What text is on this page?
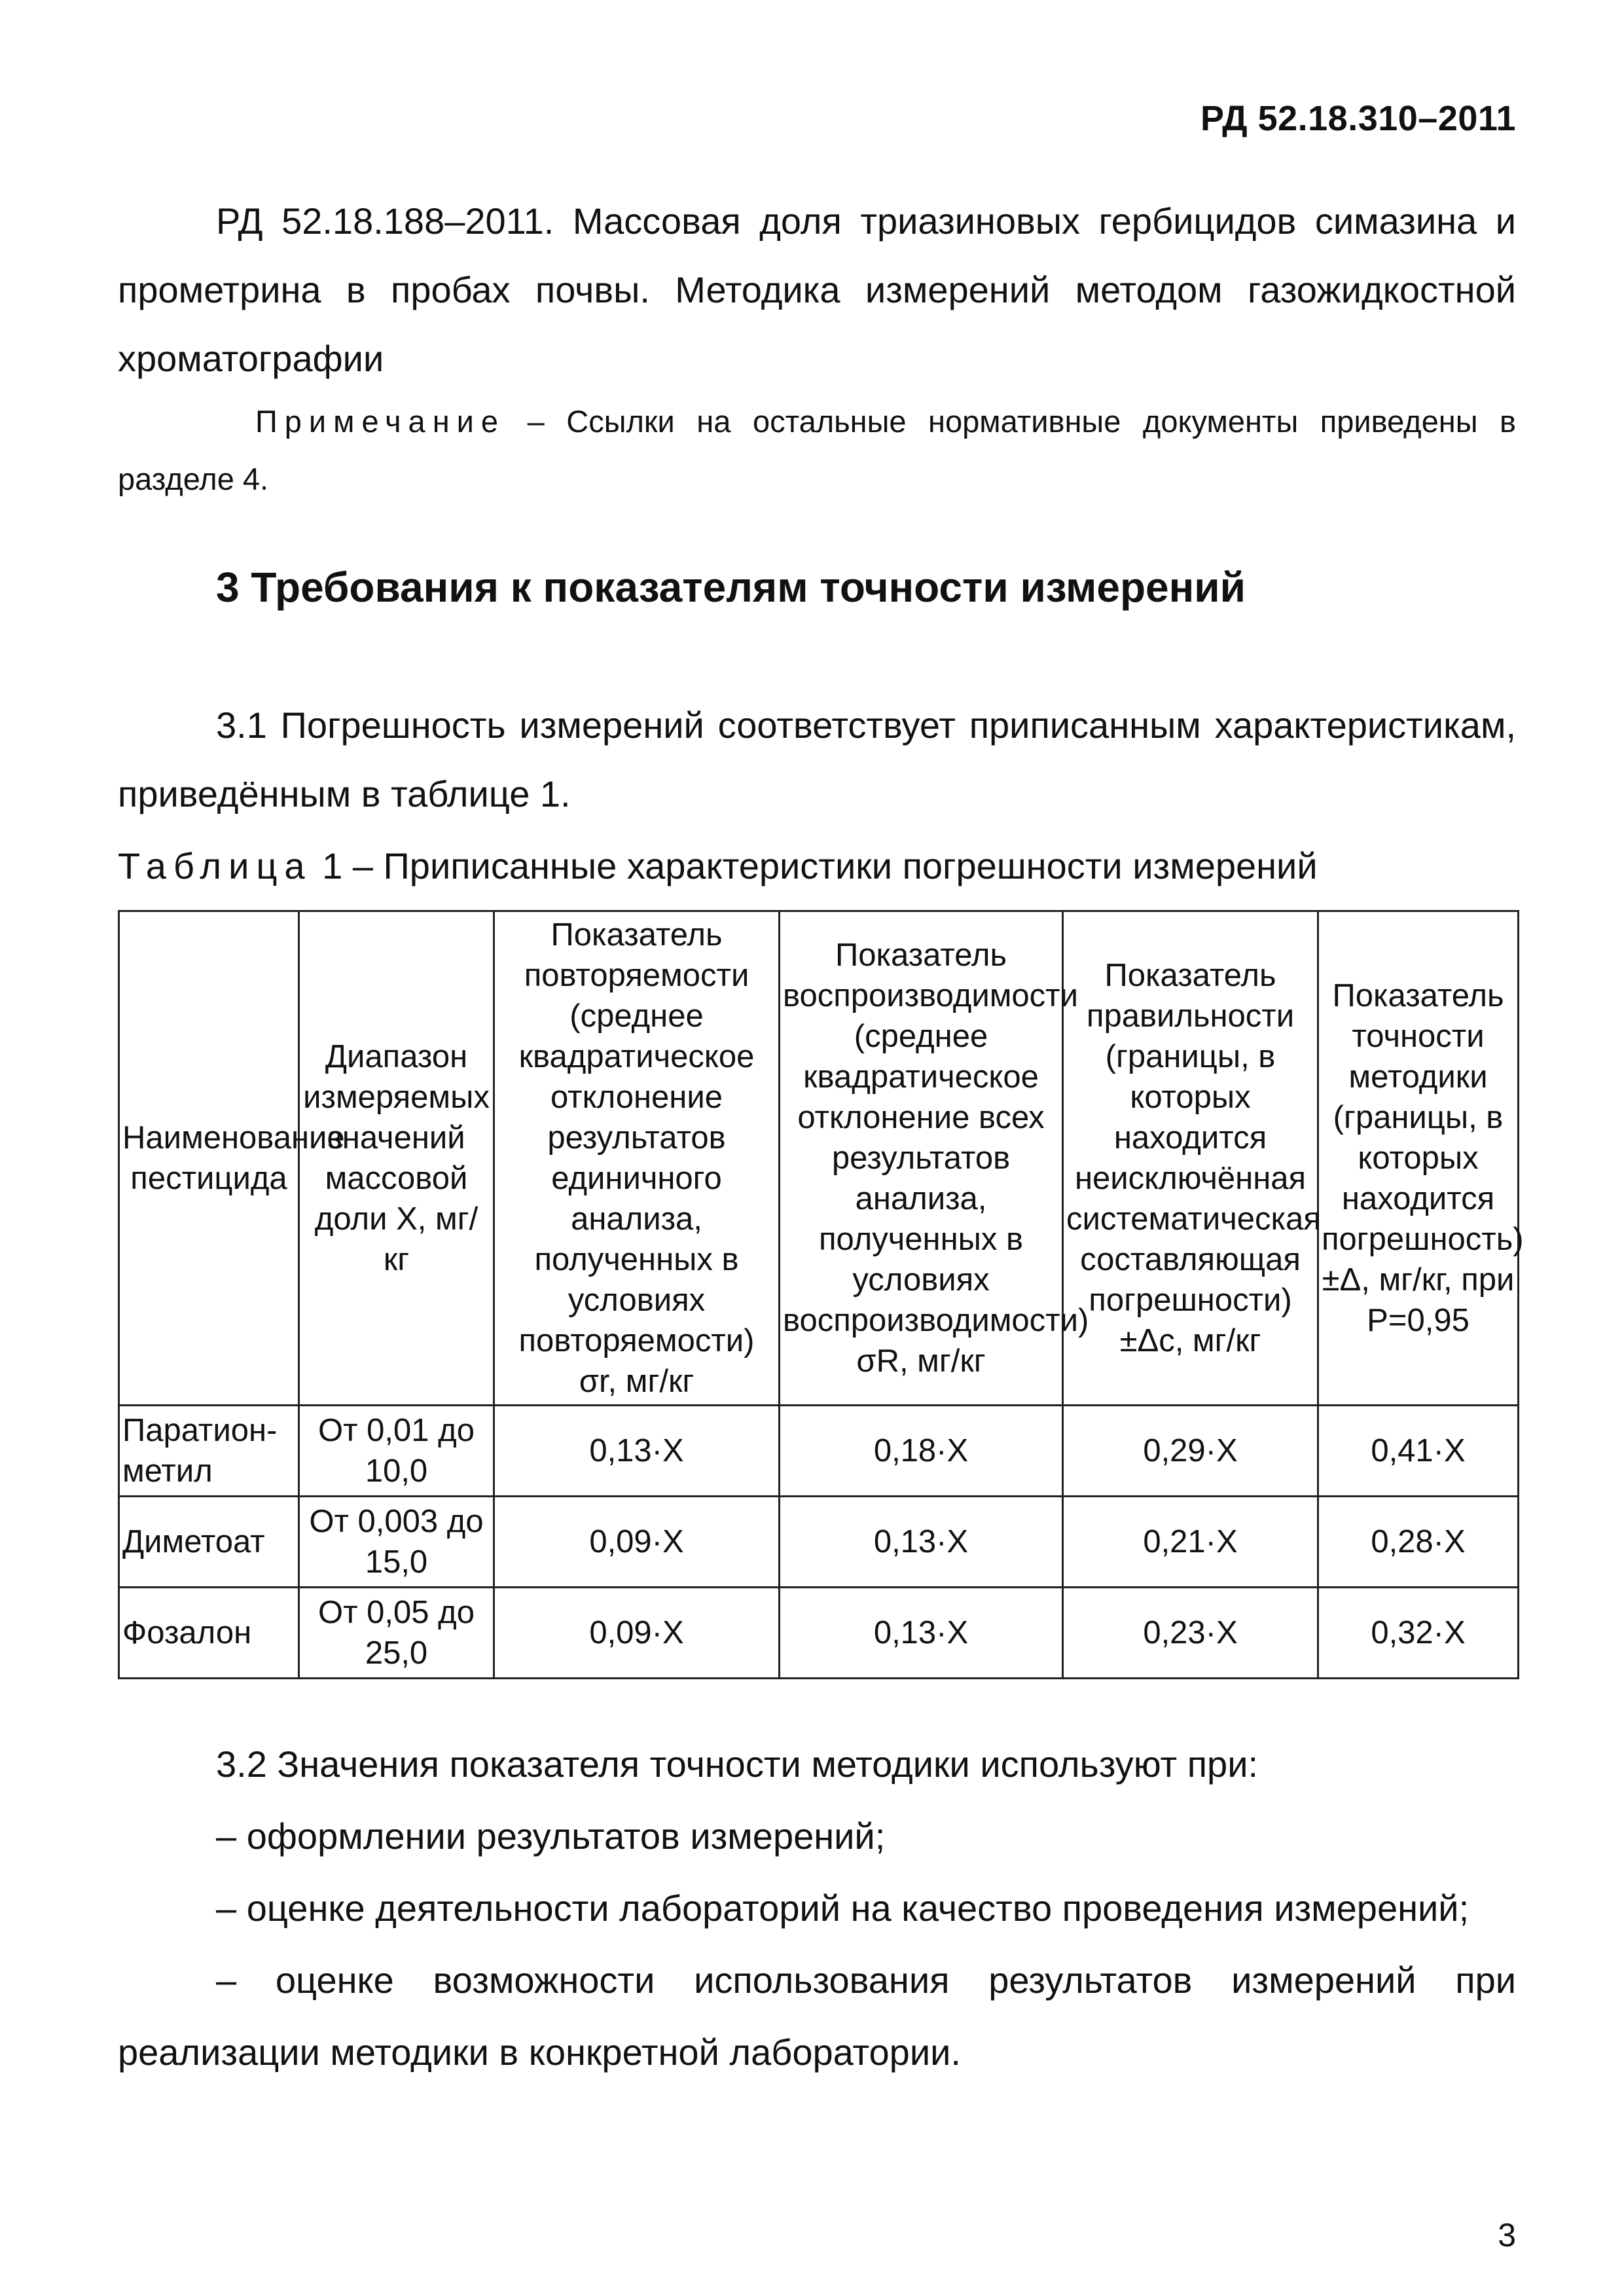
РД 52.18.310–2011
РД 52.18.188–2011. Массовая доля триазиновых гербицидов симазина и прометрина в пробах почвы. Методика измерений методом газожидкостной хроматографии
Примечание – Ссылки на остальные нормативные документы приведены в разделе 4.
3 Требования к показателям точности измерений
3.1 Погрешность измерений соответствует приписанным характеристикам, приведённым в таблице 1.
Таблица 1 – Приписанные характеристики погрешности измерений
Наименование пестицида	Диапазон измеряемых значений массовой доли X, мг/кг	Показатель повторяемости (среднее квадратическое отклонение результатов единичного анализа, полученных в условиях повторяемости) σr, мг/кг	Показатель воспроизводимости (среднее квадратическое отклонение всех результатов анализа, полученных в условиях воспроизводимости) σR, мг/кг	Показатель правильности (границы, в которых находится неисключённая систематическая составляющая погрешности) ±Δc, мг/кг	Показатель точности методики (границы, в которых находится погрешность) ±Δ, мг/кг, при P=0,95
Паратион-метил	От 0,01 до 10,0	0,13·X	0,18·X	0,29·X	0,41·X
Диметоат	От 0,003 до 15,0	0,09·X	0,13·X	0,21·X	0,28·X
Фозалон	От 0,05 до 25,0	0,09·X	0,13·X	0,23·X	0,32·X
3.2 Значения показателя точности методики используют при:
– оформлении результатов измерений;
– оценке деятельности лабораторий на качество проведения измерений;
– оценке возможности использования результатов измерений при реализации методики в конкретной лаборатории.
3
